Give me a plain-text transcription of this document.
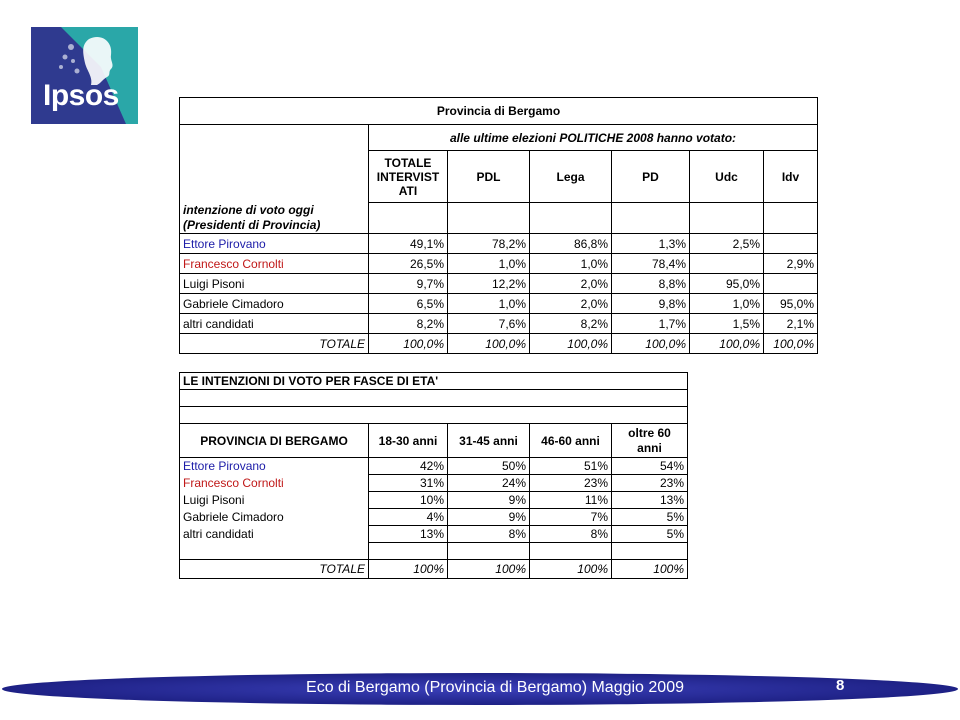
Ipsos	Provincia di Bergamo						
	alle ultime elezioni POLITICHE 2008 hanno votato:					
	TOTALE INTERVIST ATI	PDL	Lega	PD	Udc	Idv

intenzione di voto oggi
(Presidenti di Provincia)						

Ettore Pirovano	49,1%	78,2%	86,8%	1,3%	2,5%	
Francesco Cornolti	26,5%	1,0%	1,0%	78,4%		2,9%
Luigi Pisoni	9,7%	12,2%	2,0%	8,8%	95,0%	
Gabriele Cimadoro	6,5%	1,0%	2,0%	9,8%	1,0%	95,0%
altri candidati	8,2%	7,6%	8,2%	1,7%	1,5%	2,1%
TOTALE	100,0%	100,0%	100,0%	100,0%	100,0%	100,0%
LE INTENZIONI DI VOTO PER FASCE DI ETA'				

PROVINCIA DI BERGAMO	18-30 anni	31-45 anni	46-60 anni	oltre 60 anni
Ettore Pirovano	42%	50%	51%	54%
Francesco Cornolti	31%	24%	23%	23%
Luigi Pisoni	10%	9%	11%	13%
Gabriele Cimadoro	4%	9%	7%	5%
altri candidati	13%	8%	8%	5%

TOTALE	100%	100%	100%	100%
Eco di Bergamo (Provincia di Bergamo) Maggio 2009	8
